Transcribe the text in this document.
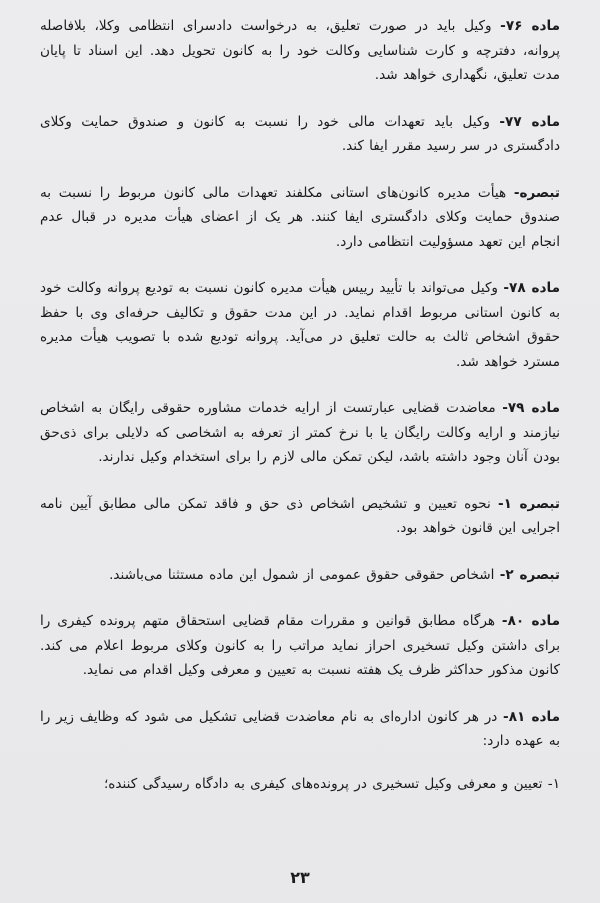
ماده ۷۶- وکیل باید در صورت تعلیق، به درخواست دادسرای انتظامی وکلا، بلافاصله پروانه، دفترچه و کارت شناسایی وکالت خود را به کانون تحویل دهد. این اسناد تا پایان مدت تعلیق، نگهداری خواهد شد.

ماده ۷۷- وکیل باید تعهدات مالی خود را نسبت به کانون و صندوق حمایت وکلای دادگستری در سر رسید مقرر ایفا کند.

تبصره- هیأت مدیره کانون‌های استانی مکلفند تعهدات مالی کانون مربوط را نسبت به صندوق حمایت وکلای دادگستری ایفا کنند. هر یک از اعضای هیأت مدیره در قبال عدم انجام این تعهد مسؤولیت انتظامی دارد.

ماده ۷۸- وکیل می‌تواند با تأیید رییس هیأت مدیره کانون نسبت به تودیع پروانه وکالت خود به کانون استانی مربوط اقدام نماید. در این مدت حقوق و تکالیف حرفه‌ای وی با حفظ حقوق اشخاص ثالث به حالت تعلیق در می‌آید. پروانه تودیع شده با تصویب هیأت مدیره مسترد خواهد شد.

ماده ۷۹- معاضدت قضایی عبارتست از ارایه خدمات مشاوره حقوقی رایگان به اشخاص نیازمند و ارایه وکالت رایگان یا با نرخ کمتر از تعرفه به اشخاصی که دلایلی برای ذی‌حق بودن آنان وجود داشته باشد، لیکن تمکن مالی لازم را برای استخدام وکیل ندارند.

تبصره ۱- نحوه تعیین و تشخیص اشخاص ذی حق و فاقد تمکن مالی مطابق آیین نامه اجرایی این قانون خواهد بود.

تبصره ۲- اشخاص حقوقی حقوق عمومی از شمول این ماده مستثنا می‌باشند.

ماده ۸۰- هرگاه مطابق قوانین و مقررات مقام قضایی استحقاق متهم پرونده کیفری را برای داشتن وکیل تسخیری احراز نماید مراتب را به کانون وکلای مربوط اعلام می کند. کانون مذکور حداکثر ظرف یک هفته نسبت به تعیین و معرفی وکیل اقدام می نماید.

ماده ۸۱- در هر کانون اداره‌ای به نام معاضدت قضایی تشکیل می شود که وظایف زیر را به عهده دارد:

۱- تعیین و معرفی وکیل تسخیری در پرونده‌های کیفری به دادگاه رسیدگی کننده؛

۲۳
